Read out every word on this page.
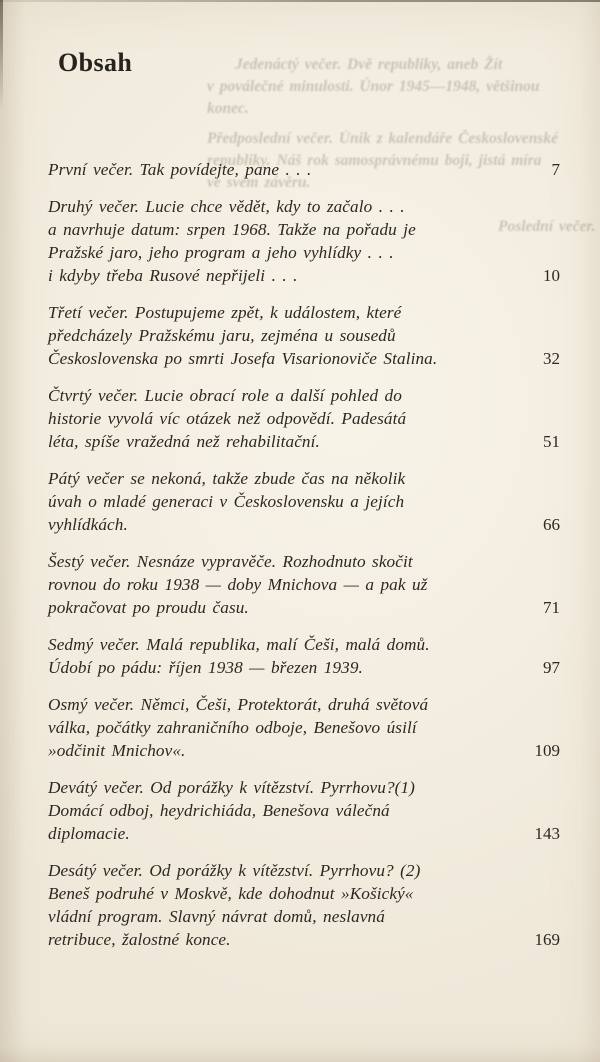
Obsah	Jedenáctý večer. Dvě republiky, aneb Žít
v poválečné minulosti. Únor 1945—1948, většinou
konec.
Předposlední večer. Únik z kalendáře Československé
republiky. Náš rok samosprávnému boji, jistá míra
ve svém závěru.
Poslední večer.
První večer. Tak povídejte, pane . . .	7
Druhý večer. Lucie chce vědět, kdy to začalo . . .
a navrhuje datum: srpen 1968. Takže na pořadu je
Pražské jaro, jeho program a jeho vyhlídky . . .
i kdyby třeba Rusové nepřijeli . . .	10
Třetí večer. Postupujeme zpět, k událostem, které
předcházely Pražskému jaru, zejména u sousedů
Československa po smrti Josefa Visarionoviče Stalina.	32
Čtvrtý večer. Lucie obrací role a další pohled do
historie vyvolá víc otázek než odpovědí. Padesátá
léta, spíše vražedná než rehabilitační.	51
Pátý večer se nekoná, takže zbude čas na několik
úvah o mladé generaci v Československu a jejích
vyhlídkách.	66
Šestý večer. Nesnáze vypravěče. Rozhodnuto skočit
rovnou do roku 1938 — doby Mnichova — a pak už
pokračovat po proudu času.	71
Sedmý večer. Malá republika, malí Češi, malá domů.
Údobí po pádu: říjen 1938 — březen 1939.	97
Osmý večer. Němci, Češi, Protektorát, druhá světová
válka, počátky zahraničního odboje, Benešovo úsilí
»odčinit Mnichov«.	109
Devátý večer. Od porážky k vítězství. Pyrrhovu?(1)
Domácí odboj, heydrichiáda, Benešova válečná
diplomacie.	143
Desátý večer. Od porážky k vítězství. Pyrrhovu? (2)
Beneš podruhé v Moskvě, kde dohodnut »Košický«
vládní program. Slavný návrat domů, neslavná
retribuce, žalostné konce.	169
